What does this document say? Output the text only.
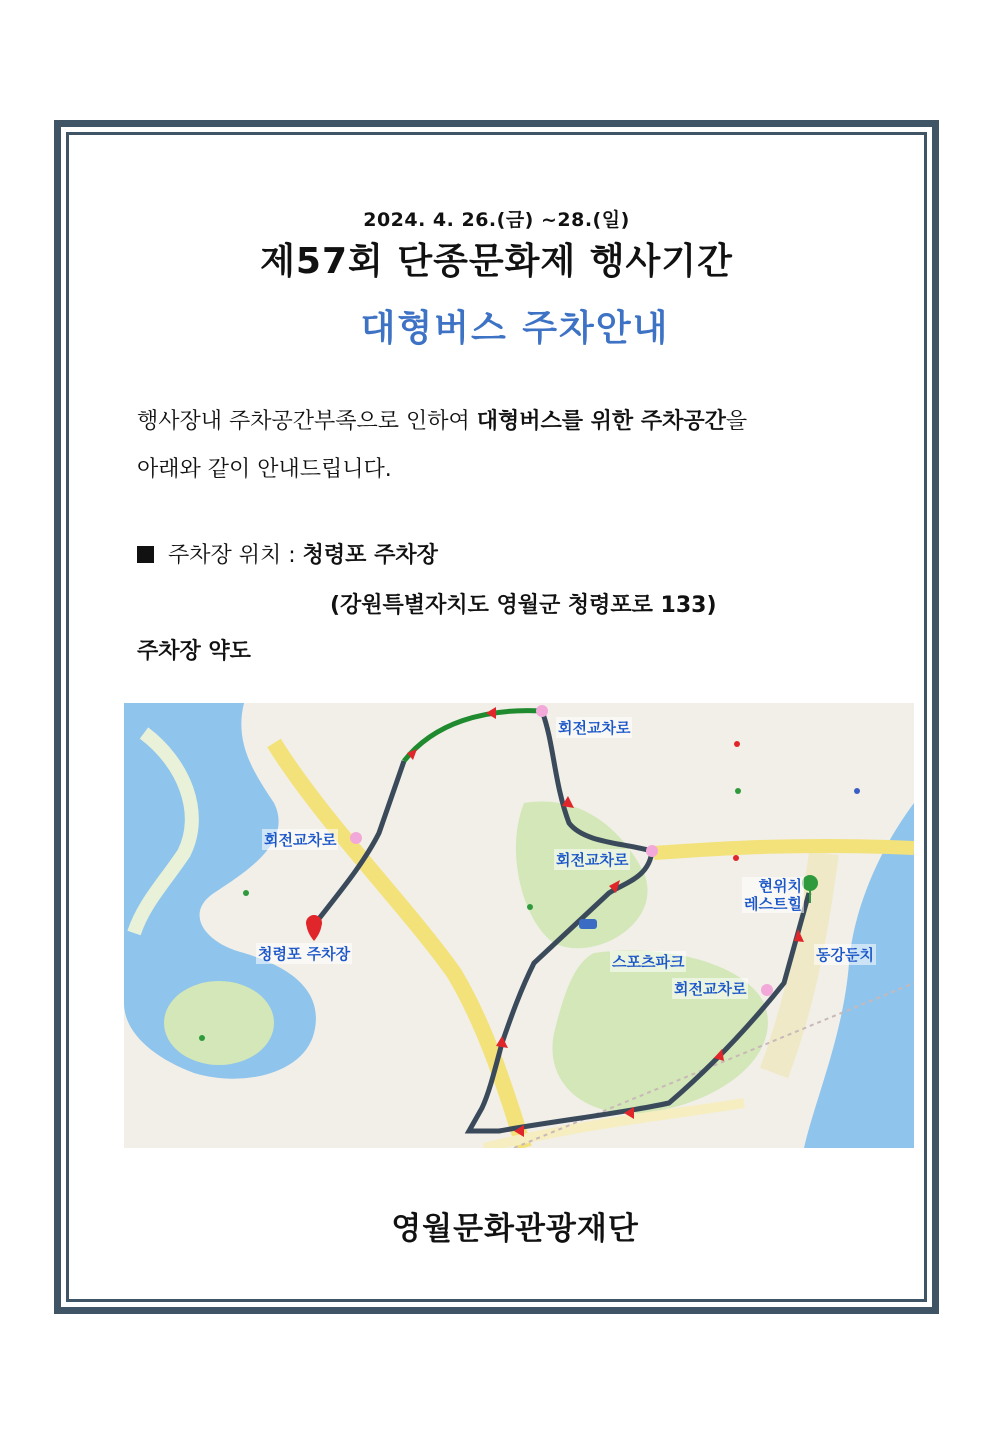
2024. 4. 26.(금) ~28.(일)
제57회 단종문화제 행사기간
대형버스 주차안내
행사장내 주차공간부족으로 인하여 대형버스를 위한 주차공간을
아래와 같이 안내드립니다.
주차장 위치 : 청령포 주차장
(강원특별자치도 영월군 청령포로 133)
주차장 약도
회전교차로
회전교차로
회전교차로
회전교차로
청령포 주차장
현위치
레스트힐
스포츠파크	동강둔치
영월문화관광재단
